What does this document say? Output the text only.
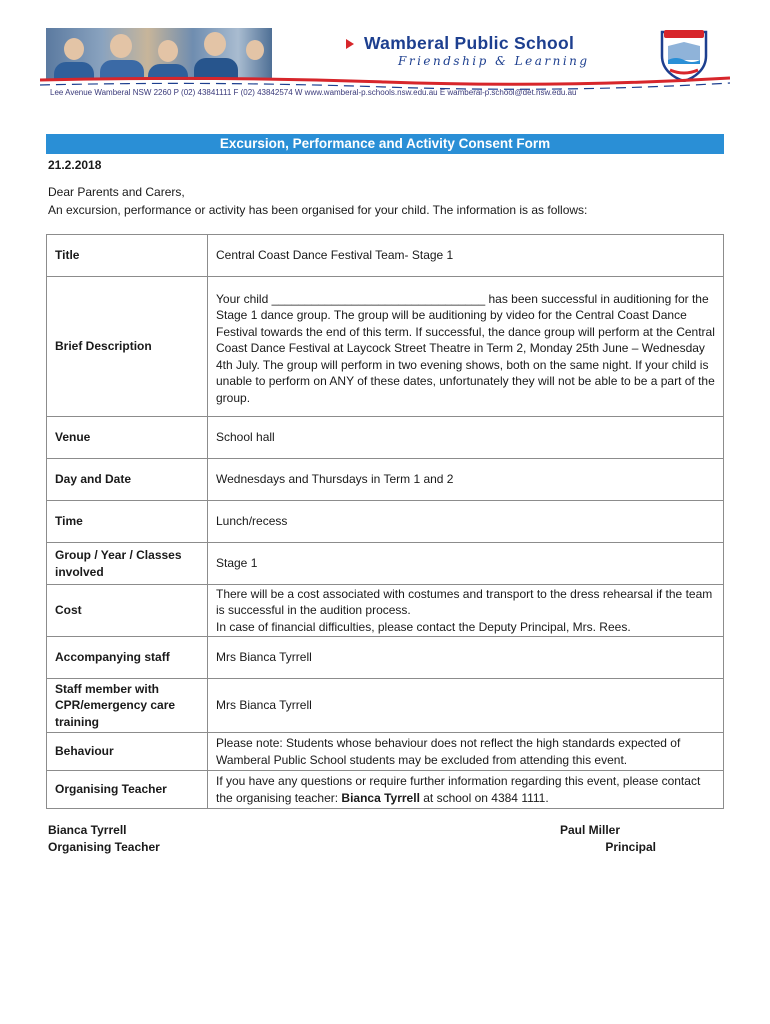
Wamberal Public School
Friendship & Learning
Lee Avenue Wamberal NSW 2260 P (02) 43841111 F (02) 43842574 W www.wamberal-p.schools.nsw.edu.au E wamberal-p.school@det.nsw.edu.au
Excursion, Performance and Activity Consent Form
21.2.2018
Dear Parents and Carers,
An excursion, performance or activity has been organised for your child. The information is as follows:
Title	Central Coast Dance Festival Team- Stage 1
Brief Description	Your child ________________________________ has been successful in auditioning for the Stage 1 dance group. The group will be auditioning by video for the Central Coast Dance Festival towards the end of this term. If successful, the dance group will perform at the Central Coast Dance Festival at Laycock Street Theatre in Term 2, Monday 25th June – Wednesday 4th July. The group will perform in two evening shows, both on the same night. If your child is unable to perform on ANY of these dates, unfortunately they will not be able to be a part of the group.
Venue	School hall
Day and Date	Wednesdays and Thursdays in Term 1 and 2
Time	Lunch/recess
Group / Year / Classes involved	Stage 1
Cost	There will be a cost associated with costumes and transport to the dress rehearsal if the team is successful in the audition process.
In case of financial difficulties, please contact the Deputy Principal, Mrs. Rees.
Accompanying staff	Mrs Bianca Tyrrell
Staff member with CPR/emergency care training	Mrs Bianca Tyrrell
Behaviour	Please note: Students whose behaviour does not reflect the high standards expected of Wamberal Public School students may be excluded from attending this event.
Organising Teacher	If you have any questions or require further information regarding this event, please contact the organising teacher: Bianca Tyrrell at school on 4384 1111.
Bianca Tyrrell
Organising Teacher
Paul Miller
Principal
